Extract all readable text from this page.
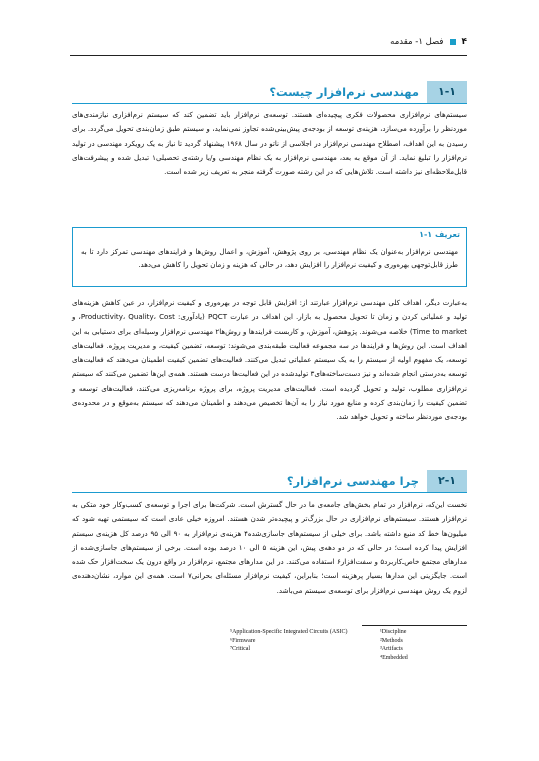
۴
فصل ۱- مقدمه
۱-۱
مهندسی نرم‌افزار چیست؟
سیستم‌های نرم‌افزاری محصولات فکری پیچیده‌ای هستند. توسعه‌ی نرم‌افزار باید تضمین کند که سیستم نرم‌افزاری نیازمندی‌های موردنظر را برآورده می‌سازد، هزینه‌ی توسعه از بودجه‌ی پیش‌بینی‌شده تجاوز نمی‌نماید، و سیستم طبق زمان‌بندی تحویل می‌گردد. برای رسیدن به این اهداف، اصطلاح مهندسی نرم‌افزار در اجلاسی از ناتو در سال ۱۹۶۸ پیشنهاد گردید تا نیاز به یک رویکرد مهندسی در تولید نرم‌افزار را تبلیغ نماید. از آن موقع به بعد، مهندسی نرم‌افزار به یک نظام مهندسی و/یا رشته‌ی تحصیلی۱ تبدیل شده و پیشرفت‌های قابل‌ملاحظه‌ای نیز داشته است. تلاش‌هایی که در این رشته صورت گرفته منجر به تعریف زیر شده است.
تعریف ۱-۱
مهندسی نرم‌افزار به‌عنوان یک نظام مهندسی، بر روی پژوهش، آموزش، و اعمال روش‌ها و فرایندهای مهندسی تمرکز دارد تا به طرز قابل‌توجهی بهره‌وری و کیفیت نرم‌افزار را افزایش دهد، در حالی که هزینه و زمان تحویل را کاهش می‌دهد.
به‌عبارت دیگر، اهداف کلی مهندسی نرم‌افزار عبارتند از: افزایش قابل توجه در بهره‌وری و کیفیت نرم‌افزار، در عین کاهش هزینه‌های تولید و عملیاتی کردن و زمان تا تحویل محصول به بازار. این اهداف در عبارت PQCT (یادآوری: Productivity، Quality، Cost، و Time to market) خلاصه می‌شوند. پژوهش، آموزش، و کاربست فرایندها و روش‌ها۲ مهندسی نرم‌افزار وسیله‌ای برای دستیابی به این اهداف است. این روش‌ها و فرایندها در سه مجموعه فعالیت طبقه‌بندی می‌شوند: توسعه، تضمین کیفیت، و مدیریت پروژه. فعالیت‌های توسعه، یک مفهوم اولیه از سیستم را به یک سیستم عملیاتی تبدیل می‌کنند. فعالیت‌های تضمین کیفیت اطمینان می‌دهند که فعالیت‌های توسعه به‌درستی انجام شده‌اند و نیز دست‌ساخته‌های۳ تولیدشده در این فعالیت‌ها درست هستند. همه‌ی این‌ها تضمین می‌کنند که سیستم نرم‌افزاری مطلوب، تولید و تحویل گردیده است. فعالیت‌های مدیریت پروژه، برای پروژه برنامه‌ریزی می‌کنند، فعالیت‌های توسعه و تضمین کیفیت را زمان‌بندی کرده و منابع مورد نیاز را به آن‌ها تخصیص می‌دهند و اطمینان می‌دهند که سیستم به‌موقع و در محدوده‌ی بودجه‌ی موردنظر ساخته و تحویل خواهد شد.
۲-۱
چرا مهندسی نرم‌افزار؟
نخست این‌که، نرم‌افزار در تمام بخش‌های جامعه‌ی ما در حال گسترش است. شرکت‌ها برای اجرا و توسعه‌ی کسب‌وکار خود متکی به نرم‌افزار هستند. سیستم‌های نرم‌افزاری در حال بزرگ‌تر و پیچیده‌تر شدن هستند. امروزه خیلی عادی است که سیستمی تهیه شود که میلیون‌ها خط کد منبع داشته باشد. برای خیلی از سیستم‌های جاسازی‌شده۴ هزینه‌ی نرم‌افزار به ۹۰ الی ۹۵ درصد کل هزینه‌ی سیستم افزایش پیدا کرده است؛ در حالی که در دو دهه‌ی پیش، این هزینه ۵ الی ۱۰ درصد بوده است. برخی از سیستم‌های جاسازی‌شده از مدارهای مجتمع خاص‌ـ‌کاربرد۵ و سفت‌افزار۶ استفاده می‌کنند. در این مدارهای مجتمع، نرم‌افزار در واقع درون یک سخت‌افزار حک شده است. جایگزینی این مدارها بسیار پرهزینه است؛ بنابراین، کیفیت نرم‌افزار مسئله‌ای بحرانی۷ است. همه‌ی این موارد، نشان‌دهنده‌ی لزوم یک روش مهندسی نرم‌افزار برای توسعه‌ی سیستم می‌باشد.
¹Discipline
²Methods
³Artifacts
⁴Embedded
⁵Application-Specific Integrated Circuits (ASIC)
⁶Firmware
⁷Critical
